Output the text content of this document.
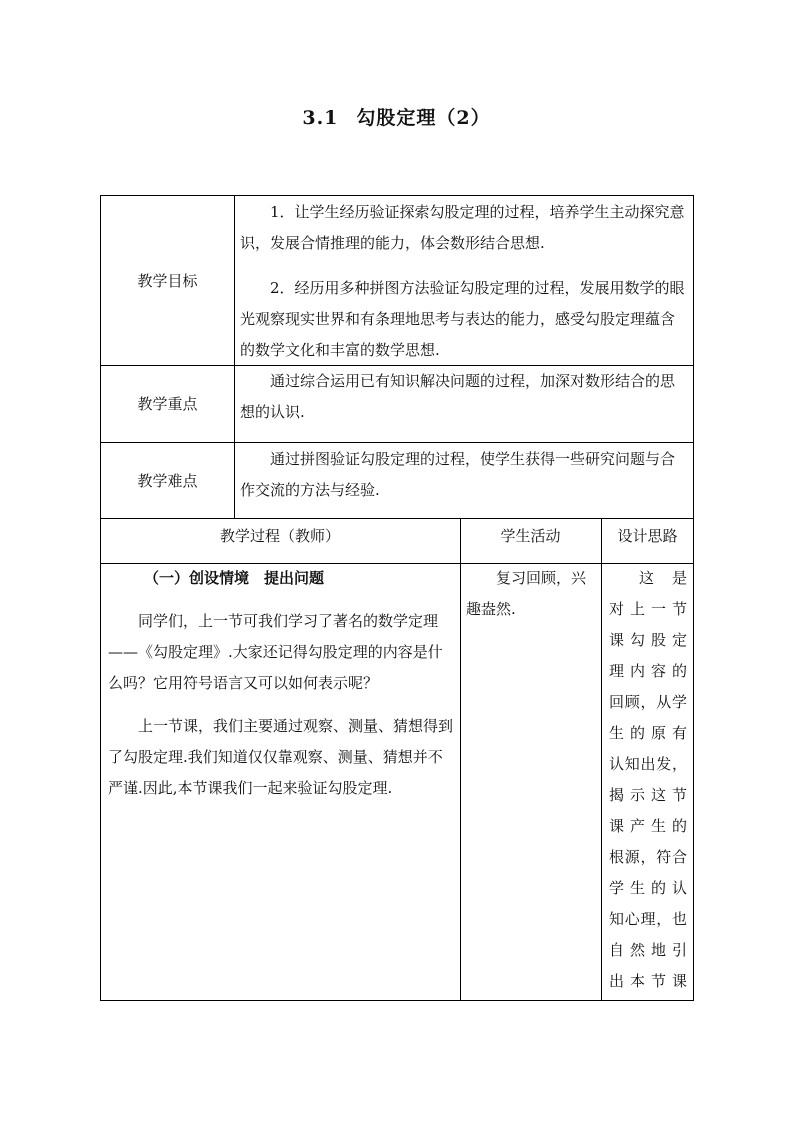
3.1 勾股定理（2）
教学目标

1．让学生经历验证探索勾股定理的过程，培养学生主动探究意识，发展合情推理的能力，体会数形结合思想.

2．经历用多种拼图方法验证勾股定理的过程，发展用数学的眼光观察现实世界和有条理地思考与表达的能力，感受勾股定理蕴含的数学文化和丰富的数学思想.

教学重点

通过综合运用已有知识解决问题的过程，加深对数形结合的思想的认识.

教学难点

通过拼图验证勾股定理的过程，使学生获得一些研究问题与合作交流的方法与经验.

教学过程（教师）	学生活动	设计思路

（一）创设情境　提出问题

同学们，上一节可我们学习了著名的数学定理——《勾股定理》.大家还记得勾股定理的内容是什么吗？它用符号语言又可以如何表示呢？

上一节课，我们主要通过观察、测量、猜想得到了勾股定理.我们知道仅仅靠观察、测量、猜想并不严谨.因此,本节课我们一起来验证勾股定理.

复习回顾，兴趣盎然.

这是
对上一节
课勾股定
理内容的
回顾，从学
生的原有
认知出发，
揭示这节
课产生的
根源，符合
学生的认
知心理，也
自然地引
出本节课
